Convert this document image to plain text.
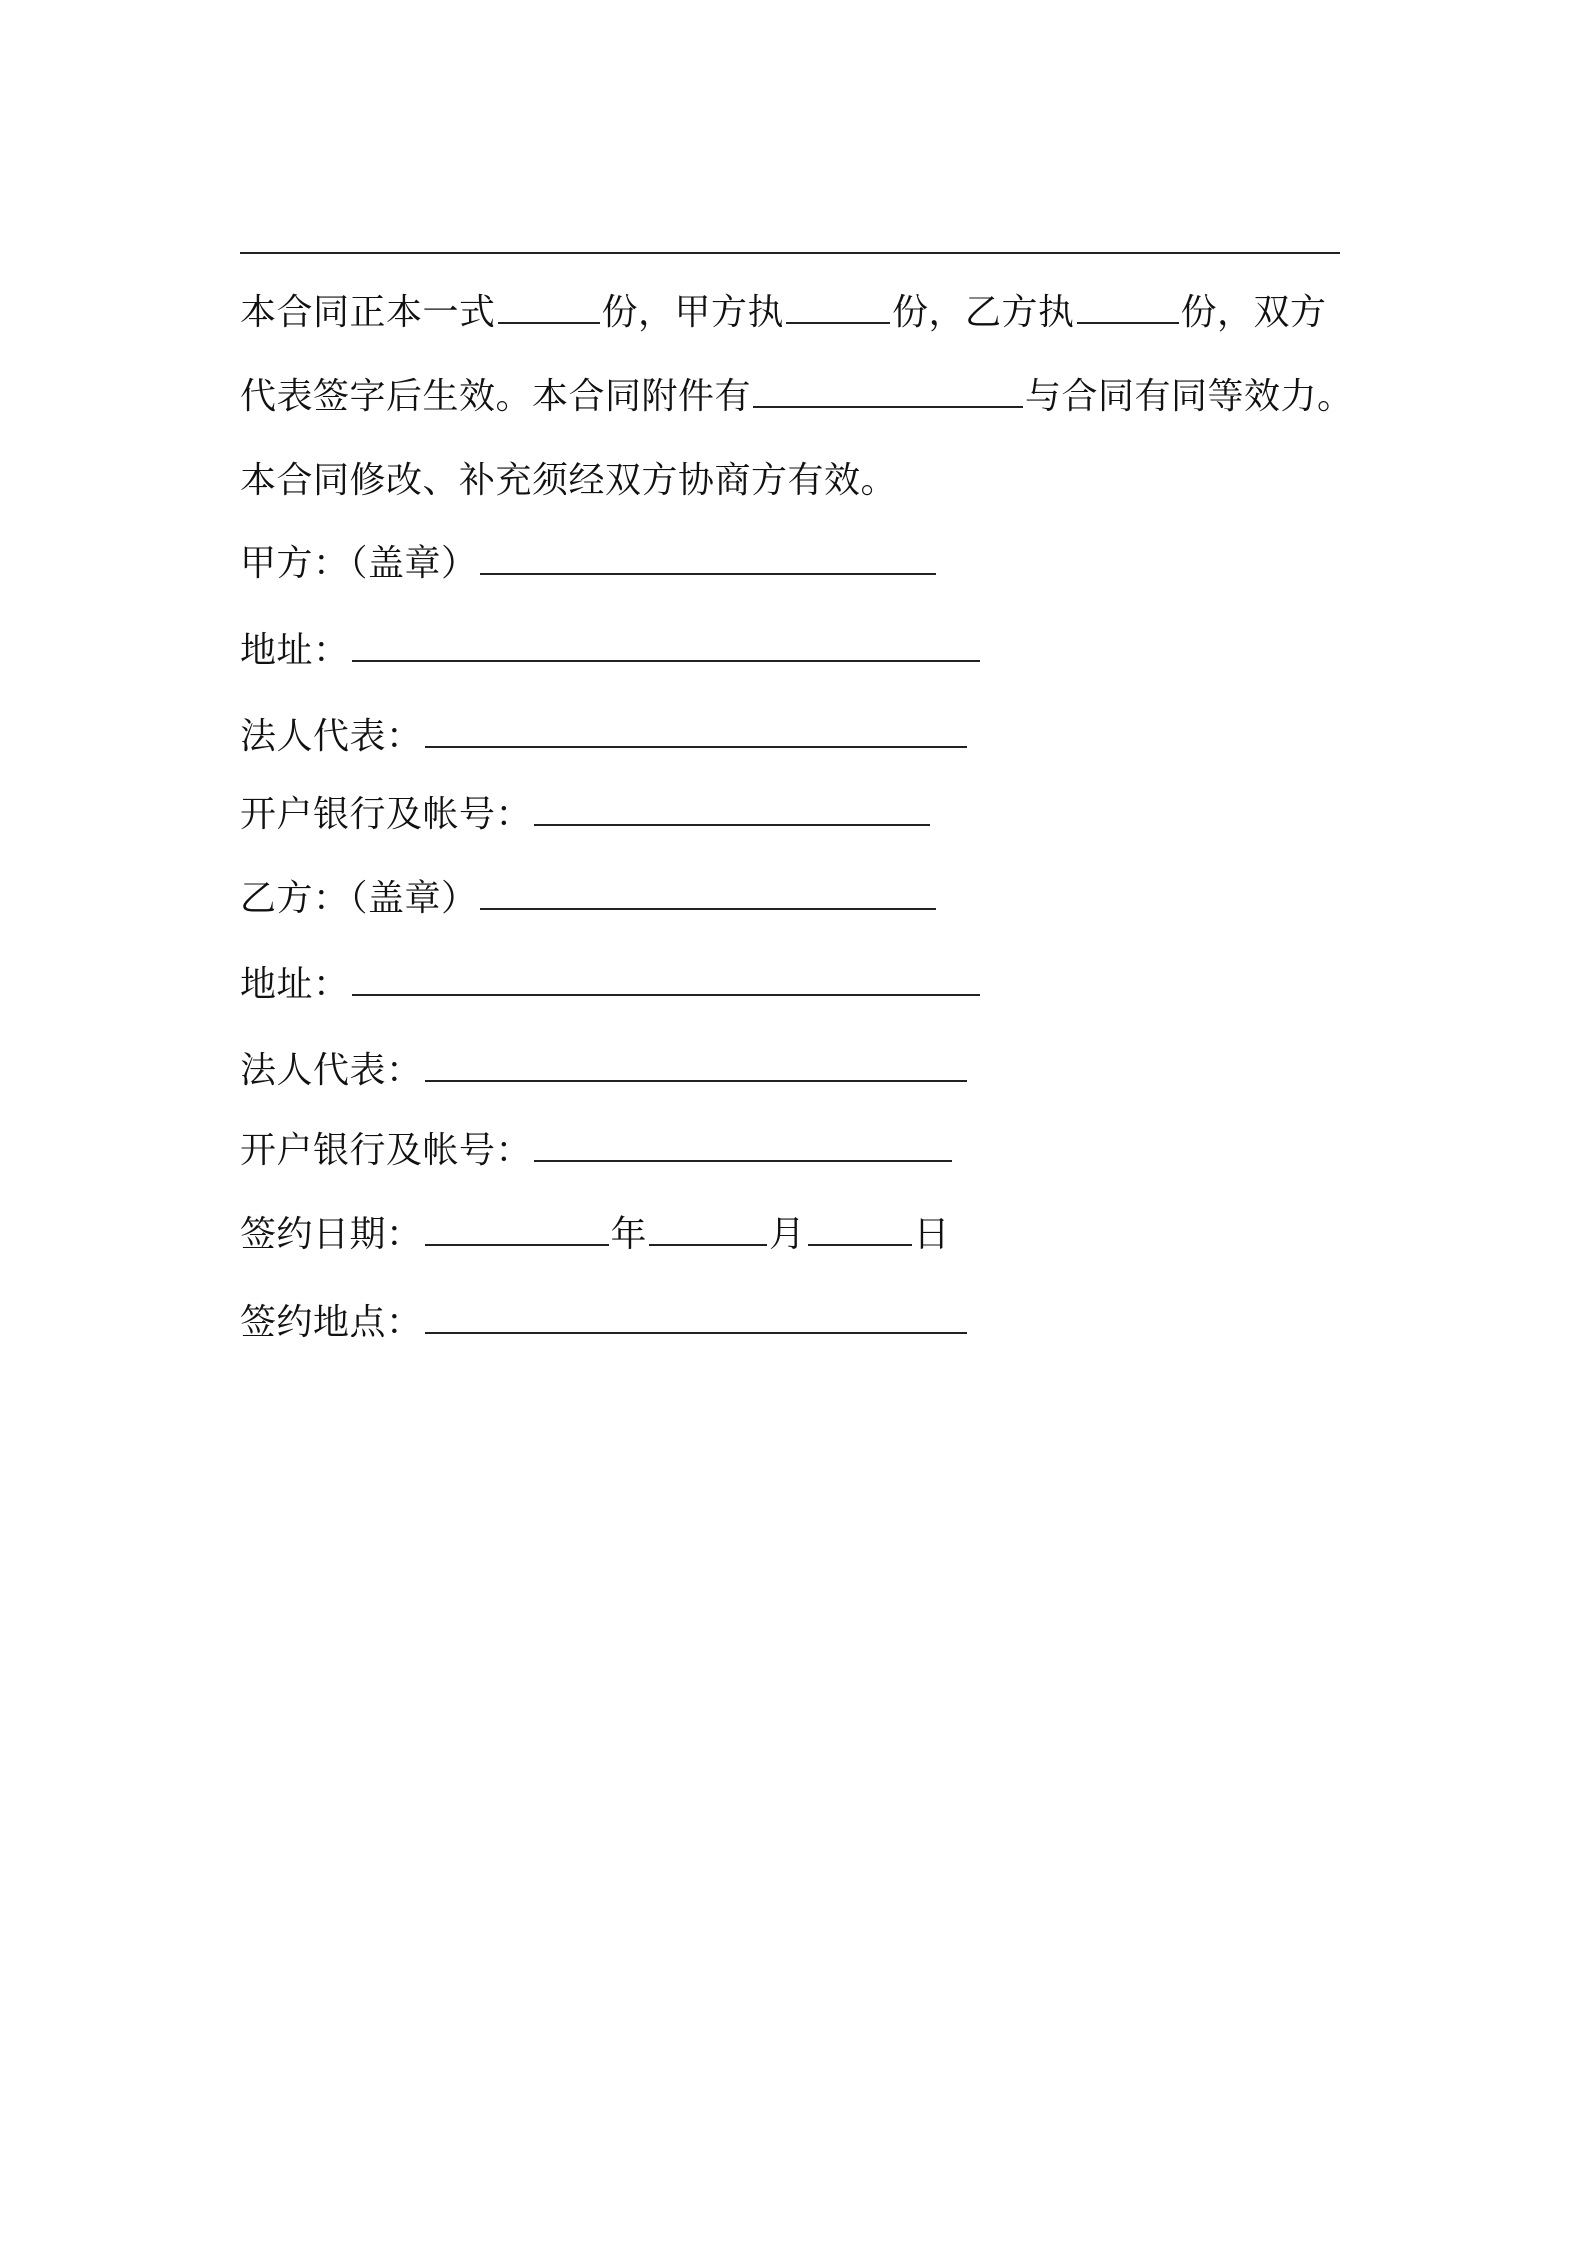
本合同正本一式	份，甲方执	份，乙方执	份，双方
代表签字后生效。本合同附件有	与合同有同等效力。
本合同修改、补充须经双方协商方有效。
甲方：（盖章）
地址：
法人代表：
开户银行及帐号：
乙方：（盖章）
地址：
法人代表：
开户银行及帐号：
签约日期：	年	月	日
签约地点：
